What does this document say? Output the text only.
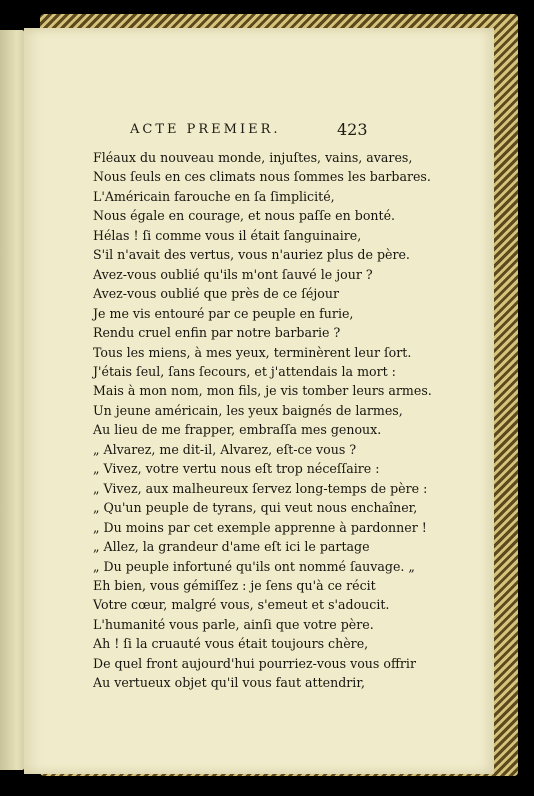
ACTE PREMIER.	423
Fléaux du nouveau monde, injuſtes, vains, avares,
Nous ſeuls en ces climats nous ſommes les barbares.
L'Américain farouche en ſa ſimplicité,
Nous égale en courage, et nous paſſe en bonté.
Hélas ! ſi comme vous il était ſanguinaire,
S'il n'avait des vertus, vous n'auriez plus de père.
Avez-vous oublié qu'ils m'ont ſauvé le jour ?
Avez-vous oublié que près de ce ſéjour
Je me vis entouré par ce peuple en furie,
Rendu cruel enfin par notre barbarie ?
Tous les miens, à mes yeux, terminèrent leur ſort.
J'étais ſeul, ſans ſecours, et j'attendais la mort :
Mais à mon nom, mon fils, je vis tomber leurs armes.
Un jeune américain, les yeux baignés de larmes,
Au lieu de me frapper, embraſſa mes genoux.
„ Alvarez, me dit-il, Alvarez, eſt-ce vous ?
„ Vivez, votre vertu nous eſt trop néceſſaire :
„ Vivez, aux malheureux ſervez long-temps de père :
„ Qu'un peuple de tyrans, qui veut nous enchaîner,
„ Du moins par cet exemple apprenne à pardonner !
„ Allez, la grandeur d'ame eſt ici le partage
„ Du peuple infortuné qu'ils ont nommé ſauvage. „
Eh bien, vous gémiſſez : je ſens qu'à ce récit
Votre cœur, malgré vous, s'emeut et s'adoucit.
L'humanité vous parle, ainſi que votre père.
Ah ! ſi la cruauté vous était toujours chère,
De quel front aujourd'hui pourriez-vous vous offrir
Au vertueux objet qu'il vous faut attendrir,
